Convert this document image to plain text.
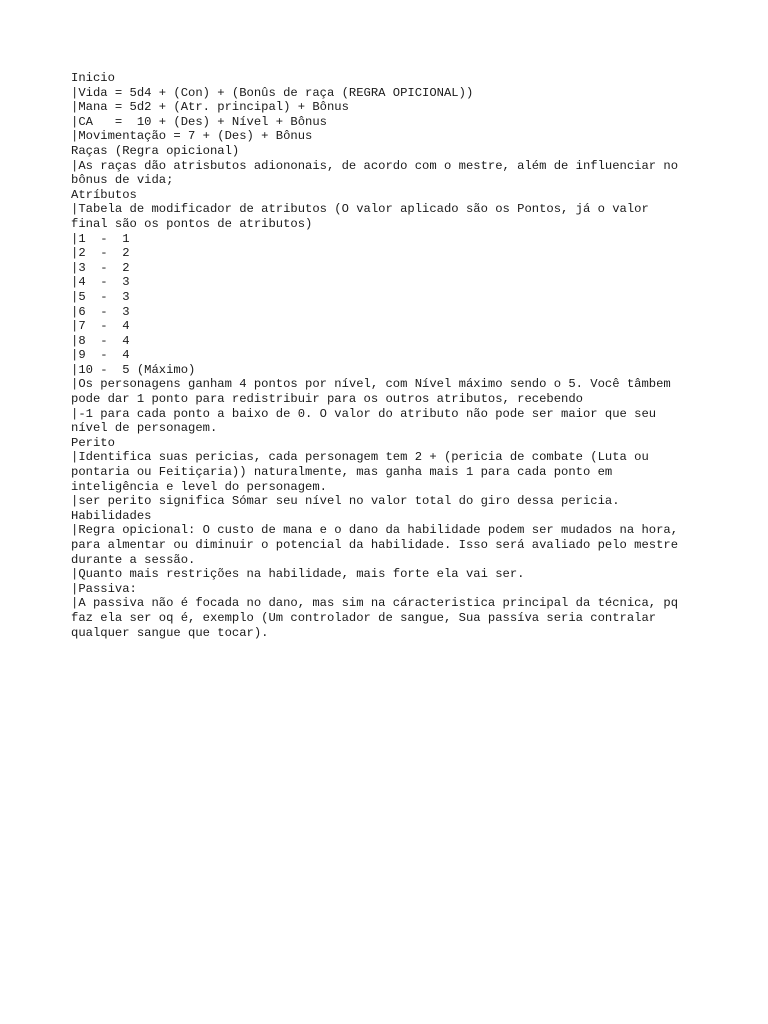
Inicio
|Vida = 5d4 + (Con) + (Bonûs de raça (REGRA OPICIONAL))
|Mana = 5d2 + (Atr. principal) + Bônus
|CA   =  10 + (Des) + Nível + Bônus
|Movimentação = 7 + (Des) + Bônus
Raças (Regra opicional)
|As raças dão atrisbutos adiononais, de acordo com o mestre, além de influenciar no
bônus de vida;
Atríbutos
|Tabela de modificador de atributos (O valor aplicado são os Pontos, já o valor
final são os pontos de atributos)
|1  -  1
|2  -  2
|3  -  2
|4  -  3
|5  -  3
|6  -  3
|7  -  4
|8  -  4
|9  -  4
|10 -  5 (Máximo)
|Os personagens ganham 4 pontos por nível, com Nível máximo sendo o 5. Você tâmbem
pode dar 1 ponto para redistribuir para os outros atributos, recebendo
|-1 para cada ponto a baixo de 0. O valor do atributo não pode ser maior que seu
nível de personagem.
Perito
|Identifica suas pericias, cada personagem tem 2 + (pericia de combate (Luta ou
pontaria ou Feitiçaria)) naturalmente, mas ganha mais 1 para cada ponto em
inteligência e level do personagem.
|ser perito significa Sómar seu nível no valor total do giro dessa pericia.
Habilidades
|Regra opicional: O custo de mana e o dano da habilidade podem ser mudados na hora,
para almentar ou diminuir o potencial da habilidade. Isso será avaliado pelo mestre
durante a sessão.
|Quanto mais restrições na habilidade, mais forte ela vai ser.
|Passiva:
|A passiva não é focada no dano, mas sim na cáracteristica principal da técnica, pq
faz ela ser oq é, exemplo (Um controlador de sangue, Sua passíva seria contralar
qualquer sangue que tocar).
